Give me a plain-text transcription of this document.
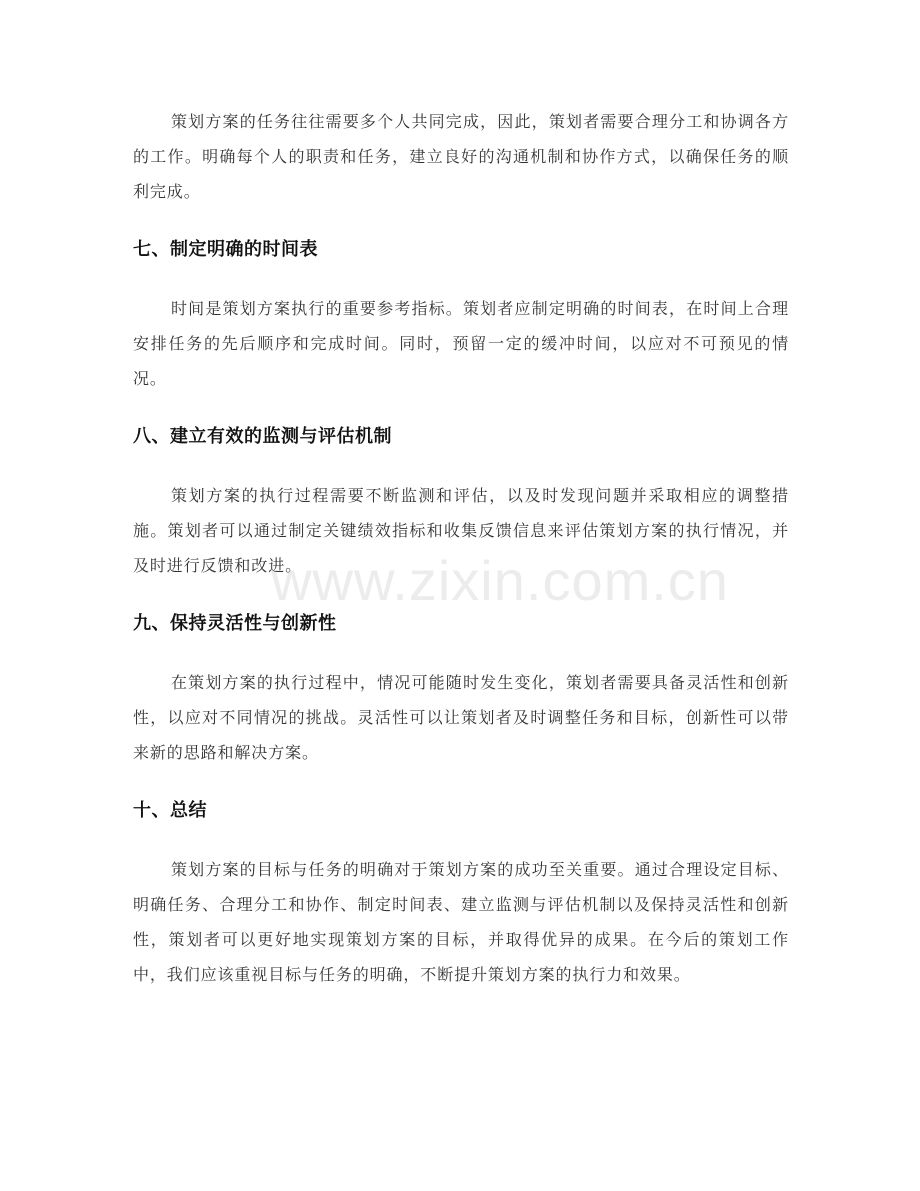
策划方案的任务往往需要多个人共同完成，因此，策划者需要合理分工和协调各方的工作。明确每个人的职责和任务，建立良好的沟通机制和协作方式，以确保任务的顺利完成。

七、制定明确的时间表

时间是策划方案执行的重要参考指标。策划者应制定明确的时间表，在时间上合理安排任务的先后顺序和完成时间。同时，预留一定的缓冲时间，以应对不可预见的情况。

八、建立有效的监测与评估机制

策划方案的执行过程需要不断监测和评估，以及时发现问题并采取相应的调整措施。策划者可以通过制定关键绩效指标和收集反馈信息来评估策划方案的执行情况，并及时进行反馈和改进。

九、保持灵活性与创新性

在策划方案的执行过程中，情况可能随时发生变化，策划者需要具备灵活性和创新性，以应对不同情况的挑战。灵活性可以让策划者及时调整任务和目标，创新性可以带来新的思路和解决方案。

十、总结

策划方案的目标与任务的明确对于策划方案的成功至关重要。通过合理设定目标、明确任务、合理分工和协作、制定时间表、建立监测与评估机制以及保持灵活性和创新性，策划者可以更好地实现策划方案的目标，并取得优异的成果。在今后的策划工作中，我们应该重视目标与任务的明确，不断提升策划方案的执行力和效果。

www.zixin.com.cn
